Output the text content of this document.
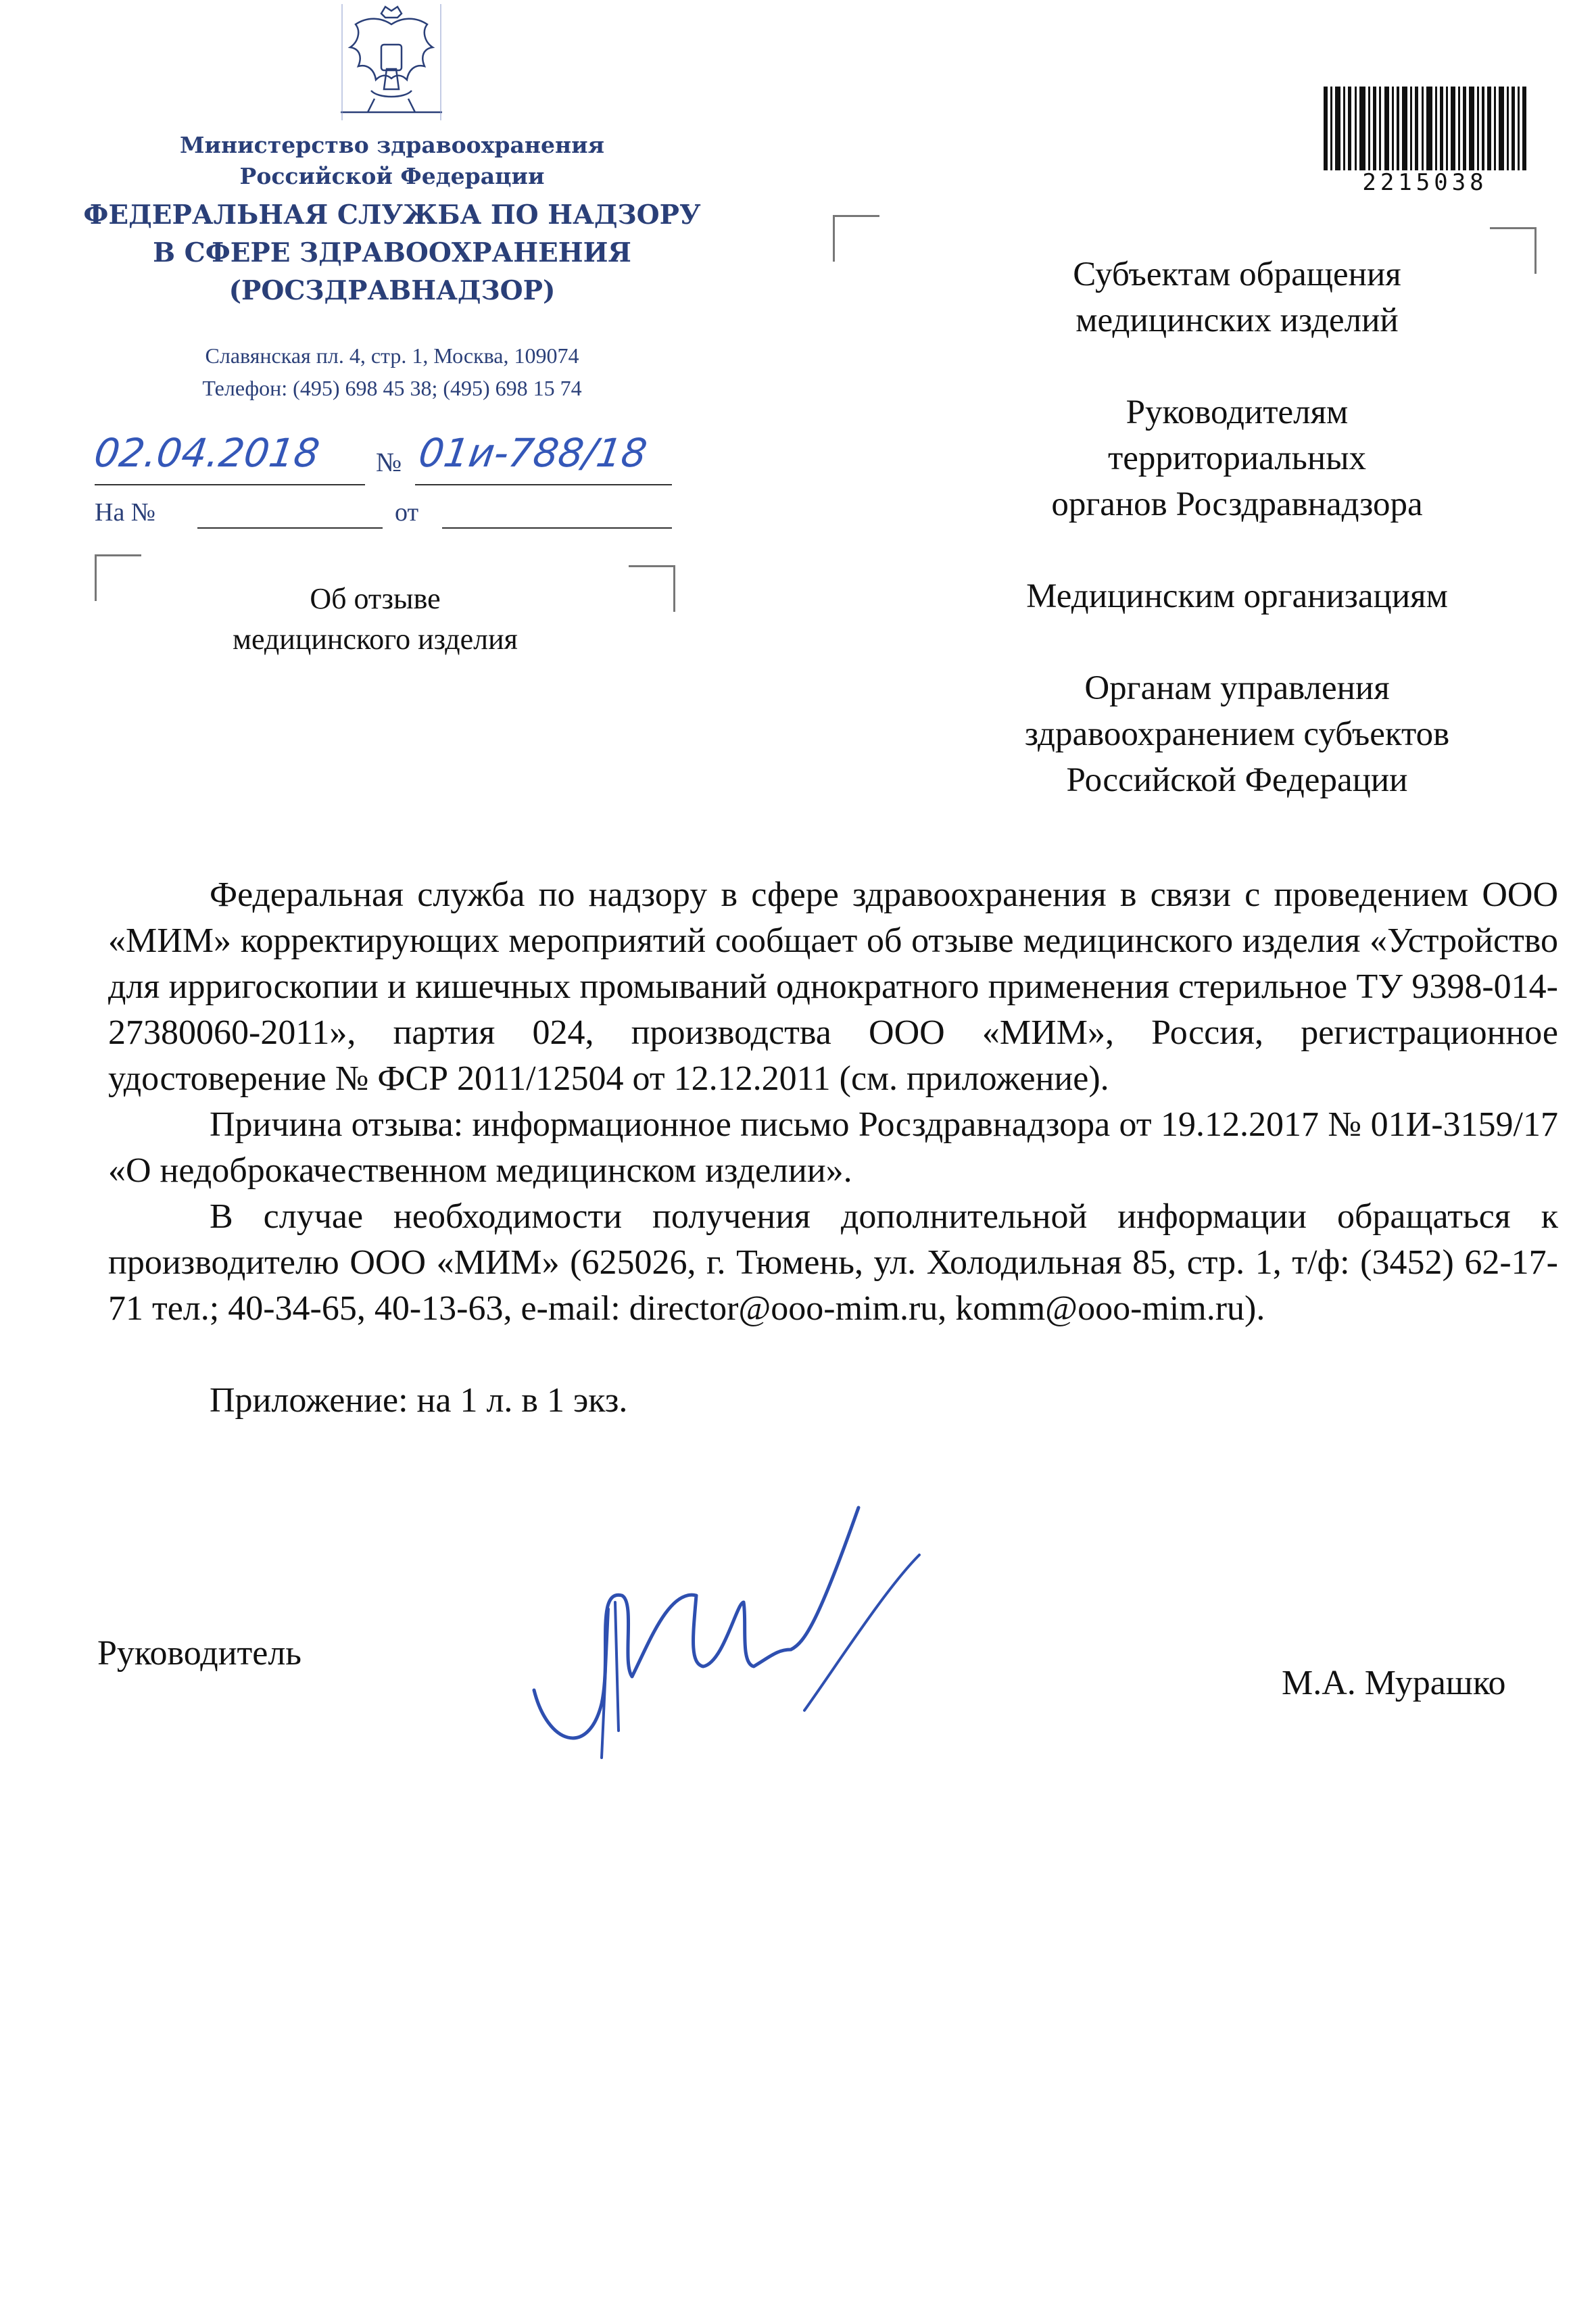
Министерство здравоохранения
Российской Федерации
ФЕДЕРАЛЬНАЯ СЛУЖБА ПО НАДЗОРУ
В СФЕРЕ ЗДРАВООХРАНЕНИЯ
(РОСЗДРАВНАДЗОР)
Славянская пл. 4, стр. 1, Москва, 109074
Телефон: (495) 698 45 38; (495) 698 15 74
02.04.2018 № 01и-788/18
На №	от
Об отзыве
медицинского изделия
2215038
Субъектам обращения
медицинских изделий
Руководителям
территориальных
органов Росздравнадзора
Медицинским организациям
Органам управления
здравоохранением субъектов
Российской Федерации

Федеральная служба по надзору в сфере здравоохранения в связи с проведением ООО «МИМ» корректирующих мероприятий сообщает об отзыве медицинского изделия «Устройство для ирригоскопии и кишечных промываний однократного применения стерильное ТУ 9398-014-27380060-2011», партия 024, производства ООО «МИМ», Россия, регистрационное удостоверение № ФСР 2011/12504 от 12.12.2011 (см. приложение).

Причина отзыва: информационное письмо Росздравнадзора от 19.12.2017 № 01И-3159/17 «О недоброкачественном медицинском изделии».

В случае необходимости получения дополнительной информации обращаться к производителю ООО «МИМ» (625026, г. Тюмень, ул. Холодильная 85, стр. 1, т/ф: (3452) 62-17-71 тел.; 40-34-65, 40-13-63, e-mail: director@ooo-mim.ru, komm@ooo-mim.ru).

Приложение: на 1 л. в 1 экз.

Руководитель
М.А. Мурашко
